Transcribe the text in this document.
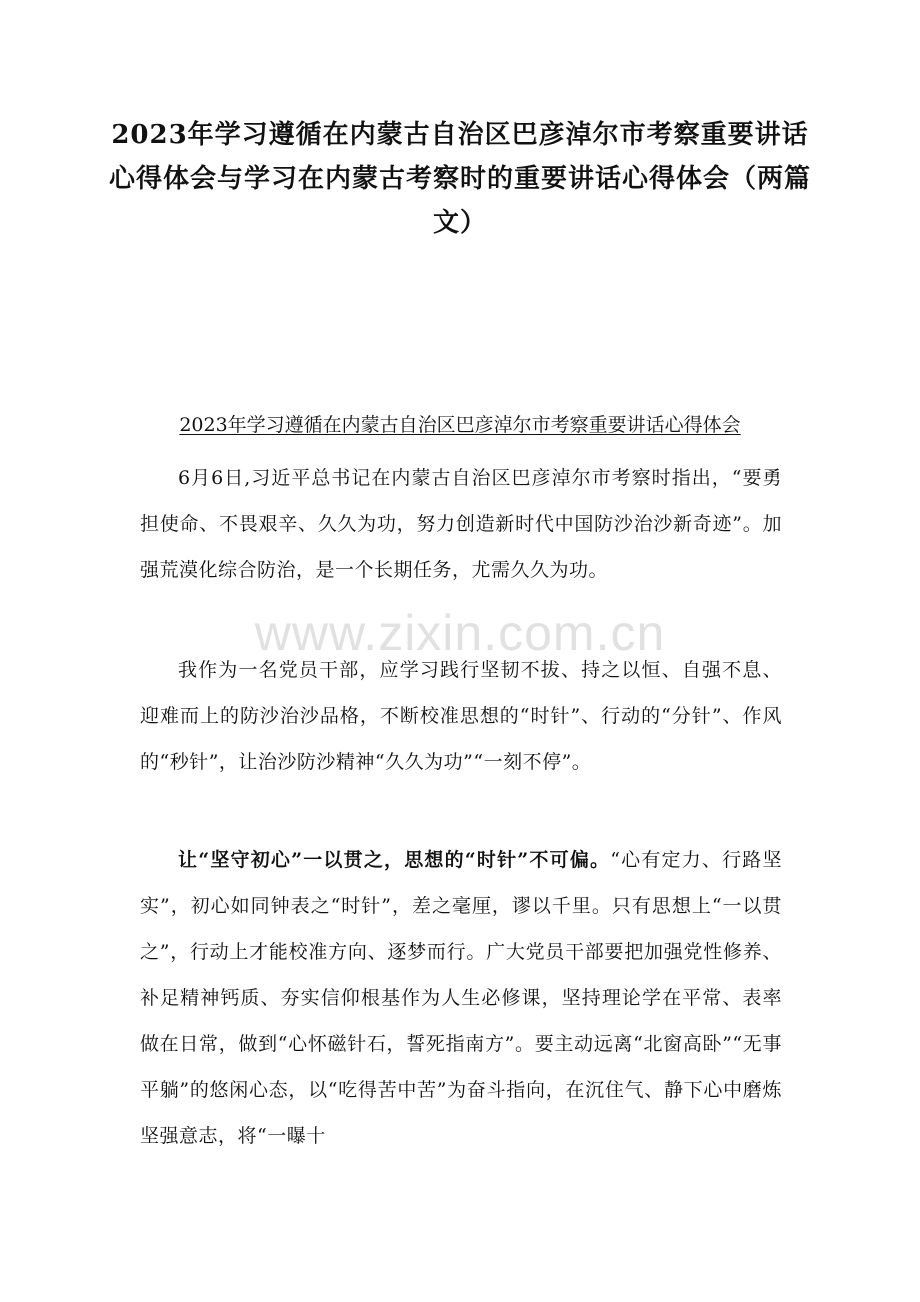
2023年学习遵循在内蒙古自治区巴彦淖尔市考察重要讲话心得体会与学习在内蒙古考察时的重要讲话心得体会（两篇文）
www.zixin.com.cn
2023年学习遵循在内蒙古自治区巴彦淖尔市考察重要讲话心得体会

6月6日,习近平总书记在内蒙古自治区巴彦淖尔市考察时指出，“要勇担使命、不畏艰辛、久久为功，努力创造新时代中国防沙治沙新奇迹”。加强荒漠化综合防治，是一个长期任务，尤需久久为功。

我作为一名党员干部，应学习践行坚韧不拔、持之以恒、自强不息、迎难而上的防沙治沙品格，不断校准思想的“时针”、行动的“分针”、作风的“秒针”，让治沙防沙精神“久久为功”“一刻不停”。

让“坚守初心”一以贯之，思想的“时针”不可偏。“心有定力、行路坚实”，初心如同钟表之“时针”，差之毫厘，谬以千里。只有思想上“一以贯之”，行动上才能校准方向、逐梦而行。广大党员干部要把加强党性修养、补足精神钙质、夯实信仰根基作为人生必修课，坚持理论学在平常、表率做在日常，做到“心怀磁针石，誓死指南方”。要主动远离“北窗高卧”“无事平躺”的悠闲心态，以“吃得苦中苦”为奋斗指向，在沉住气、静下心中磨炼坚强意志，将“一曝十
